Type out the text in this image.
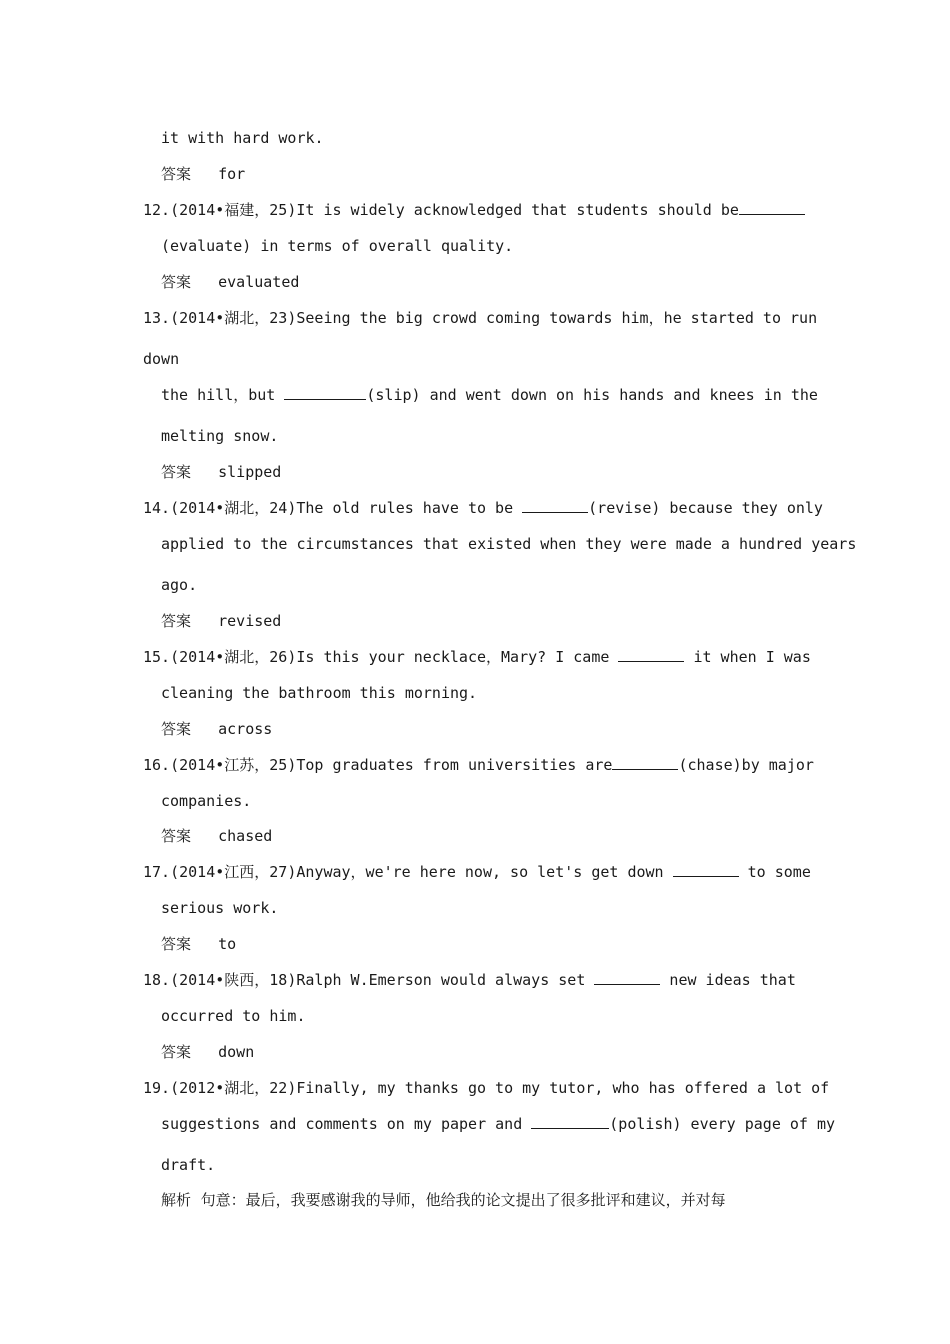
it with hard work.
答案 for
12.(2014•福建，25)It is widely acknowledged that students should be
(evaluate) in terms of overall quality.
答案 evaluated
13.(2014•湖北，23)Seeing the big crowd coming towards him，he started to run
down
the hill，but	(slip) and went down on his hands and knees in the
melting snow.
答案 slipped
14.(2014•湖北，24)The old rules have to be	(revise) because they only
applied to the circumstances that existed when they were made a hundred years
ago.
答案 revised
15.(2014•湖北，26)Is this your necklace，Mary? I came	it when I was
cleaning the bathroom this morning.
答案 across
16.(2014•江苏，25)Top graduates from universities are	(chase)by major
companies.
答案 chased
17.(2014•江西，27)Anyway，we're here now, so let's get down	to some
serious work.
答案 to
18.(2014•陕西，18)Ralph W.Emerson would always set	new ideas that
occurred to him.
答案 down
19.(2012•湖北，22)Finally, my thanks go to my tutor, who has offered a lot of
suggestions and comments on my paper and	(polish) every page of my
draft.
解析 句意：最后，我要感谢我的导师，他给我的论文提出了很多批评和建议，并对每
